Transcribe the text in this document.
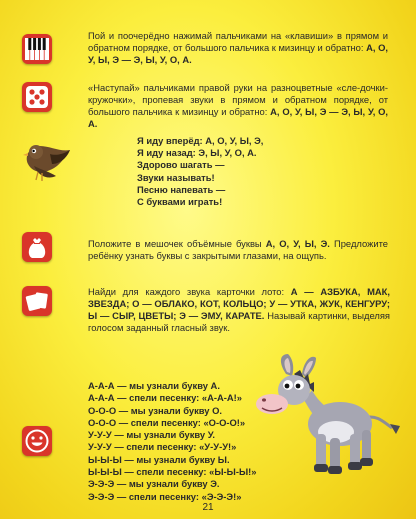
Пой и поочерёдно нажимай пальчиками на «клавиши» в прямом и обратном порядке, от большого пальчика к мизинцу и обратно: А, О, У, Ы, Э — Э, Ы, У, О, А.
«Наступай» пальчиками правой руки на разноцветные «сле-дочки-кружочки», пропевая звуки в прямом и обратном порядке, от большого пальчика к мизинцу и обратно: А, О, У, Ы, Э — Э, Ы, У, О, А.
Я иду вперёд: А, О, У, Ы, Э,
Я иду назад: Э, Ы, У, О, А.
Здорово шагать —
Звуки называть!
Песню напевать —
С буквами играть!
Положите в мешочек объёмные буквы А, О, У, Ы, Э. Предложите ребёнку узнать буквы с закрытыми глазами, на ощупь.
Найди для каждого звука карточки лото: А — АЗБУКА, МАК, ЗВЕЗДА; О — ОБЛАКО, КОТ, КОЛЬЦО; У — УТКА, ЖУК, КЕНГУРУ; Ы — СЫР, ЦВЕТЫ; Э — ЭМУ, КАРАТЕ. Называй картинки, выделяя голосом заданный гласный звук.
А-А-А — мы узнали букву А.
А-А-А — спели песенку: «А-А-А!»
О-О-О — мы узнали букву О.
О-О-О — спели песенку: «О-О-О!»
У-У-У — мы узнали букву У.
У-У-У — спели песенку: «У-У-У!»
Ы-Ы-Ы — мы узнали букву Ы.
Ы-Ы-Ы — спели песенку: «Ы-Ы-Ы!»
Э-Э-Э — мы узнали букву Э.
Э-Э-Э — спели песенку: «Э-Э-Э!»
21
